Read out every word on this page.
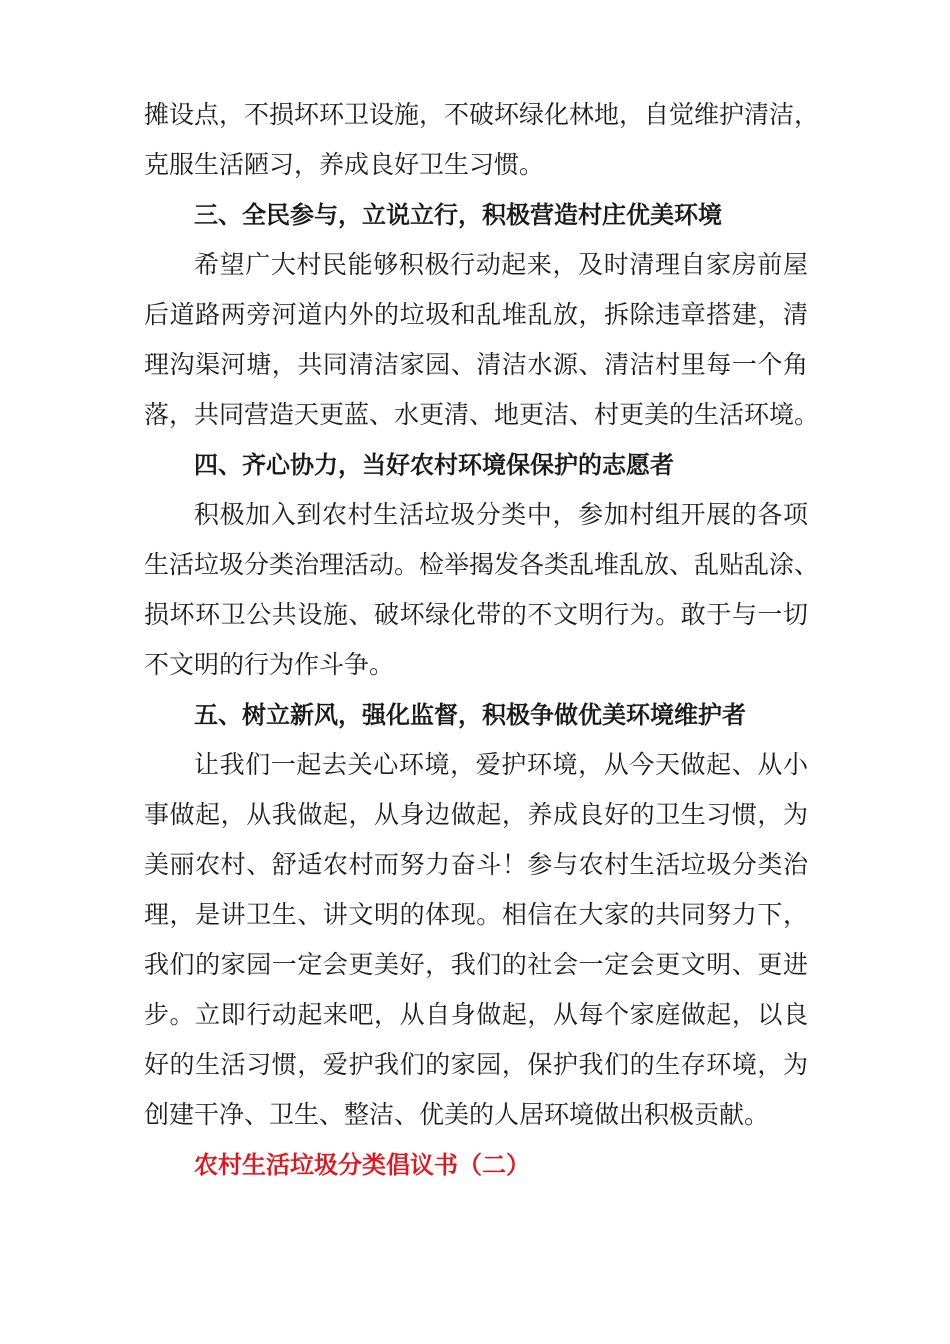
摊设点，不损坏环卫设施，不破坏绿化林地，自觉维护清洁，
克服生活陋习，养成良好卫生习惯。
三、全民参与，立说立行，积极营造村庄优美环境
希望广大村民能够积极行动起来，及时清理自家房前屋
后道路两旁河道内外的垃圾和乱堆乱放，拆除违章搭建，清
理沟渠河塘，共同清洁家园、清洁水源、清洁村里每一个角
落，共同营造天更蓝、水更清、地更洁、村更美的生活环境。
四、齐心协力，当好农村环境保保护的志愿者
积极加入到农村生活垃圾分类中，参加村组开展的各项
生活垃圾分类治理活动。检举揭发各类乱堆乱放、乱贴乱涂、
损坏环卫公共设施、破坏绿化带的不文明行为。敢于与一切
不文明的行为作斗争。
五、树立新风，强化监督，积极争做优美环境维护者
让我们一起去关心环境，爱护环境，从今天做起、从小
事做起，从我做起，从身边做起，养成良好的卫生习惯，为
美丽农村、舒适农村而努力奋斗！参与农村生活垃圾分类治
理，是讲卫生、讲文明的体现。相信在大家的共同努力下，
我们的家园一定会更美好，我们的社会一定会更文明、更进
步。立即行动起来吧，从自身做起，从每个家庭做起，以良
好的生活习惯，爱护我们的家园，保护我们的生存环境，为
创建干净、卫生、整洁、优美的人居环境做出积极贡献。
农村生活垃圾分类倡议书（二）
